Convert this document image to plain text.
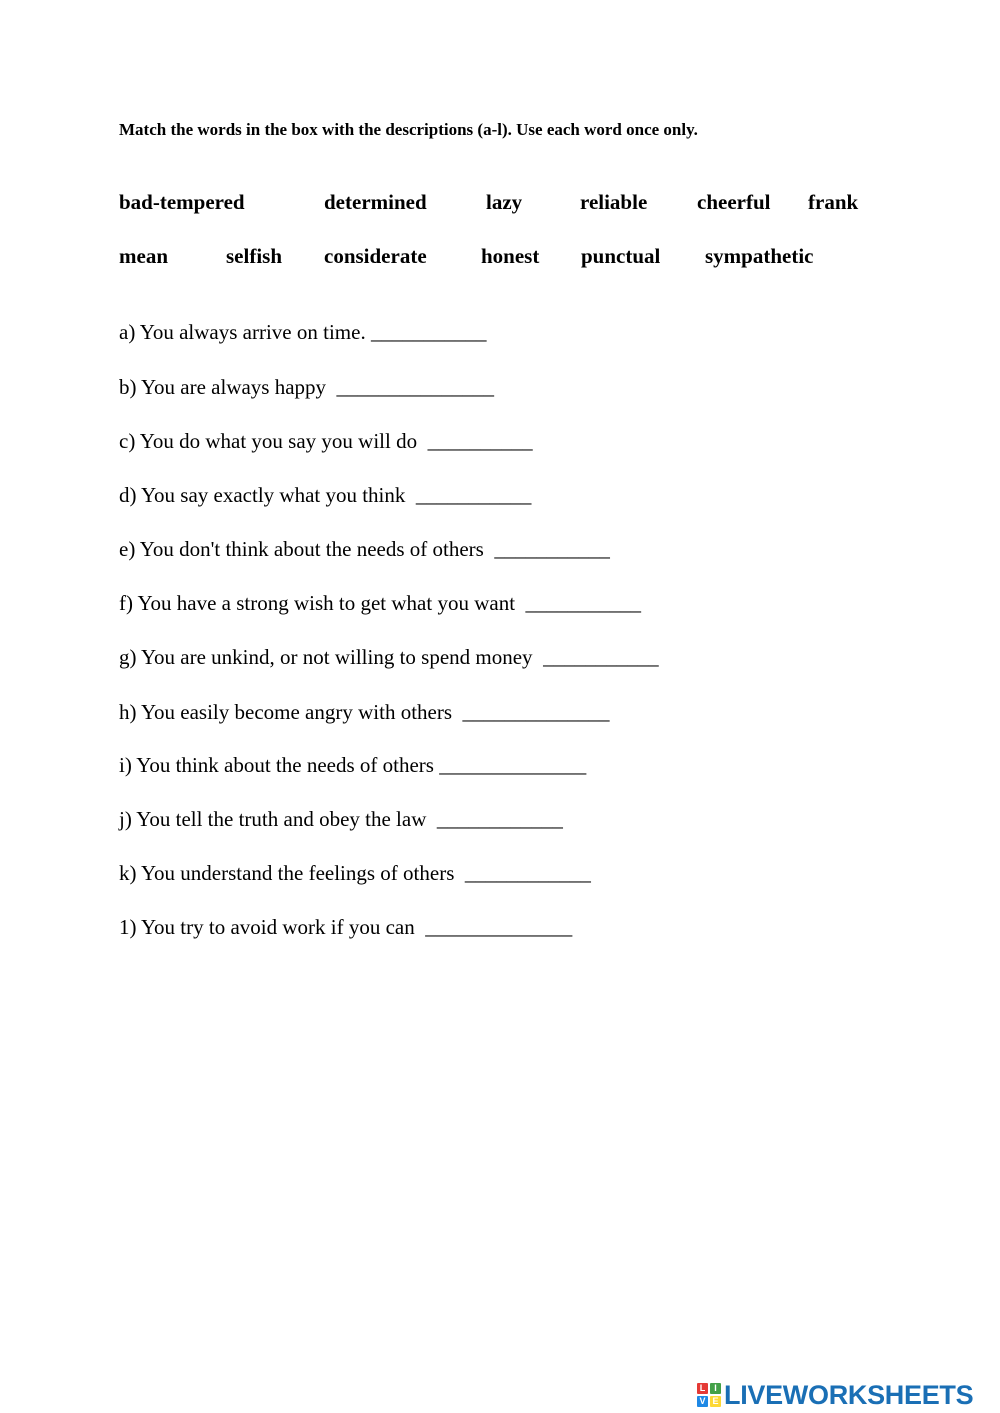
Match the words in the box with the descriptions (a-l). Use each word once only.
bad-tempered	determined	lazy	reliable cheerful frank
mean	selfish considerate	honest punctual sympathetic
a) You always arrive on time. ___________
b) You are always happy  _______________
c) You do what you say you will do  __________
d) You say exactly what you think  ___________
e) You don't think about the needs of others  ___________
f) You have a strong wish to get what you want  ___________
g) You are unkind, or not willing to spend money  ___________
h) You easily become angry with others  ______________
i) You think about the needs of others ______________
j) You tell the truth and obey the law  ____________
k) You understand the feelings of others  ____________
1) You try to avoid work if you can  ______________
L I
V E LIVEWORKSHEETS
